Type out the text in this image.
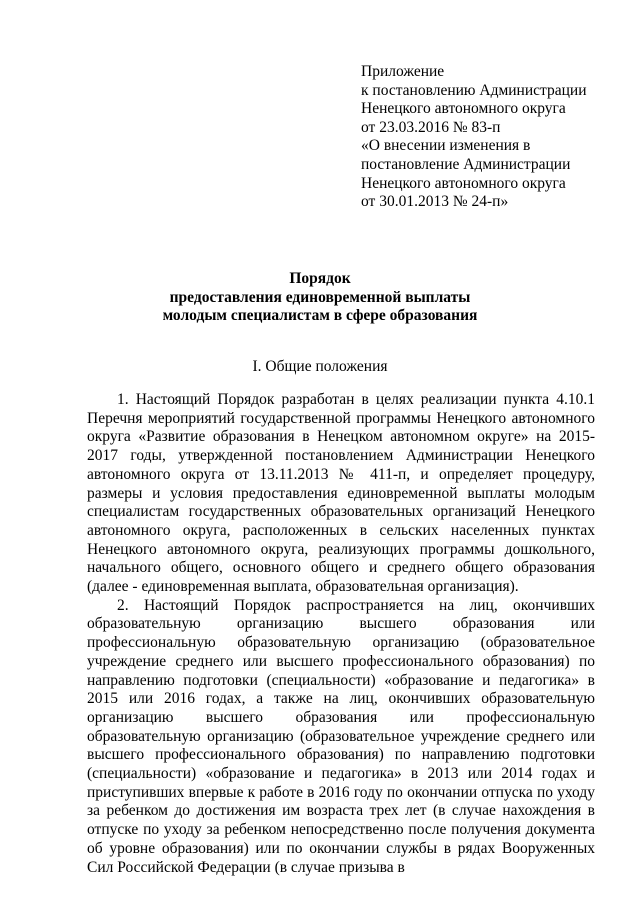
Приложение
к постановлению Администрации
Ненецкого автономного округа
от 23.03.2016 № 83-п
«О внесении изменения в
постановление Администрации
Ненецкого автономного округа
от 30.01.2013 № 24-п»
Порядок
предоставления единовременной выплаты
молодым специалистам в сфере образования
I. Общие положения

1. Настоящий Порядок разработан в целях реализации пункта 4.10.1 Перечня мероприятий государственной программы Ненецкого автономного округа «Развитие образования в Ненецком автономном округе» на 2015-2017 годы, утвержденной постановлением Администрации Ненецкого автономного округа от 13.11.2013 № 411-п, и определяет процедуру, размеры и условия предоставления единовременной выплаты молодым специалистам государственных образовательных организаций Ненецкого автономного округа, расположенных в сельских населенных пунктах Ненецкого автономного округа, реализующих программы дошкольного, начального общего, основного общего и среднего общего образования (далее - единовременная выплата, образовательная организация).

2. Настоящий Порядок распространяется на лиц, окончивших образовательную организацию высшего образования или профессиональную образовательную организацию (образовательное учреждение среднего или высшего профессионального образования) по направлению подготовки (специальности) «образование и педагогика» в 2015 или 2016 годах, а также на лиц, окончивших образовательную организацию высшего образования или профессиональную образовательную организацию (образовательное учреждение среднего или высшего профессионального образования) по направлению подготовки (специальности) «образование и педагогика» в 2013 или 2014 годах и приступивших впервые к работе в 2016 году по окончании отпуска по уходу за ребенком до достижения им возраста трех лет (в случае нахождения в отпуске по уходу за ребенком непосредственно после получения документа об уровне образования) или по окончании службы в рядах Вооруженных Сил Российской Федерации (в случае призыва в
